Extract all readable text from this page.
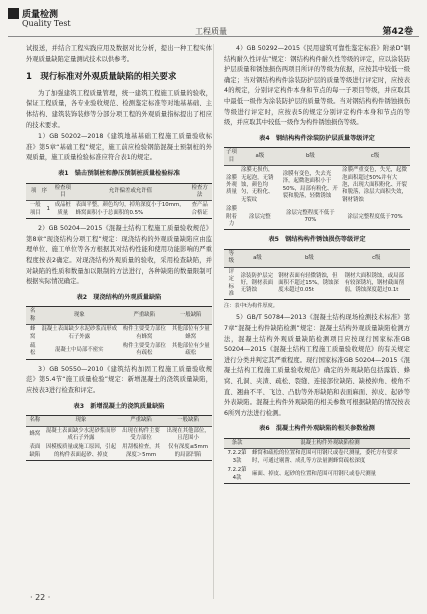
质量检测
Quality Test
工程质量	第42卷

试报送，并结合工程实践应用及数据对比分析，提出一种工程实体外观质量缺陷定量测试技术以供参考。

1　现行标准对外观质量缺陷的相关要求

为了加强建筑工程质量管理，统一建筑工程施工质量的验收，保证工程质量，各专业验收规范、检测鉴定标准等对地基基础、主体结构、建筑装饰装修等分部分项工程的外观质量指标提出了相应的技术要求。

1）GB 50202—2018《建筑地基基础工程施工质量验收标准》第5章“基础工程”规定，施工前应检验钢筋混凝土预制桩的外观质量，施工质量检验标准应符合表1的规定。

表1　锚击预制桩和静压预制桩质量检验标准
项　序		检查项目	允许偏差或允许值	检查方法
一般项目	1	成品桩质量	表面平整，颜色均匀，掉角深度小于10mm，蜂窝面积小于总面积的0.5%	查产品合格证

2）GB 50204—2015《混凝土结构工程施工质量验收规范》第8章“现浇结构分项工程”规定：现浇结构的外观质量缺陷应由监理单位、施工单位等各方根据其对结构性能和使用功能影响的严重程度按表2确定。对现浇结构外观质量的验收，采用检查缺陷，并对缺陷的性质和数量加以限制的方法进行，各种缺陷的数量限制可根据实际情况确定。

表2　现浇结构的外观质量缺陷
名称	现象	严重缺陷	一般缺陷
蜂窝	混凝土表面缺少水泥砂浆而形成石子外露	构件主要受力部位有蜂窝	其他部位有少量蜂窝
疏松	混凝土中局部不密实	构件主要受力部位有疏松	其他部位有少量疏松

3）GB 50550—2010《建筑结构加固工程施工质量验收规范》第5.4节“施工质量检验”规定：新增混凝土的浇筑质量缺陷，应按表3进行检查和评定。

表3　新增混凝土的浇筑质量缺陷
名称	现象	严重缺陷	一般缺陷
蜂窝	混凝土表面缺少水泥砂浆而形成石子外露	出现在构件主要受力部位	出现在其他部位，且范围小
表面缺陷	因模板质量或施工原因，引起的构件表面起砂、掉皮	用刮板检查，其深度＞5mm	仅有深度≤5mm的局部凹陷

4）GB 50292—2015《民用建筑可靠性鉴定标准》附录D“钢结构耐久性评估”规定：钢结构构件耐久性等级的评定，应以涂装防护层质量和锈蚀损伤两项目所评的等级为依据，应按其中较低一级确定；当对钢结构构件涂装防护层的质量等级进行评定时，应按表4的规定，分别评定构件本身和节点的每一子项目等级，并应取其中最低一级作为涂装防护层的质量等级。当对钢结构构件锈蚀损伤等级进行评定时，应按表5的规定分别评定构件本身和节点的等级，并应取其中较低一级作为构件锈蚀损伤等级。

表4　钢结构构件涂装防护层质量等级评定
子项目	a级	b级	c级
涂膜外观质量	涂膜无损伤，无起泡，无锈蚀，颜色均匀，无粉化、无裂纹	涂膜有变色，失去光泽，起微泡面积小于50%，局部有粉化、开裂和脱落，轻微锈蚀	涂膜严重变色，失光，起微泡面积超过50%并有大泡，出现大面积粉化、开裂和脱落，涂层大面积失效，钢材锈蚀
涂膜附着力	涂层完整	涂层完整程度不低于70%	涂层完整程度低于70%
表5　钢结构构件锈蚀损伤等级评定
等级	a级	b级	c级
评定标准	涂装防护层完好，钢材表面无锈蚀	钢材表面有轻微锈蚀，但面积不超过15%，锈蚀深度未超过0.05t	钢材大面积锈蚀，或局部有较深锈坑，钢材截面削弱，锈蚀深度超过0.1t
注：表中t为构件厚度。

5）GB/T 50784—2013《混凝土结构现场检测技术标准》第7章“混凝土构件缺陷检测”规定：混凝土结构外观质量缺陷检测方法，混凝土结构外观质量缺陷检测项目应按现行国家标准GB 50204—2015《混凝土结构工程施工质量验收规范》的有关规定进行分类并判定其严重程度。现行国家标准GB 50204—2015《混凝土结构工程施工质量验收规范》确定的外观缺陷包括露筋、蜂窝、孔洞、夹渣、疏松、裂缝、连接部位缺陷、缺棱掉角、棱角不直、翘曲不平、飞边、凸肋等外形缺陷和表面麻面、掉皮、起砂等外表缺陷。混凝土构件外观缺陷的相关参数可根据缺陷的情况按表6所列方法进行检测。

表6　混凝土构件外观缺陷的相关参数检测
条款	混凝土构件外观缺陷检测
7.2.2第3款	蜂窝和疏松的位置和范围可用钢尺或卷尺测量，委托方有要求时，可通过剔凿、成孔等方法量测蜂窝疏松深度
7.2.2第4款	麻面、掉皮、起砂的位置和范围可用钢尺或卷尺测量
· 22 ·
